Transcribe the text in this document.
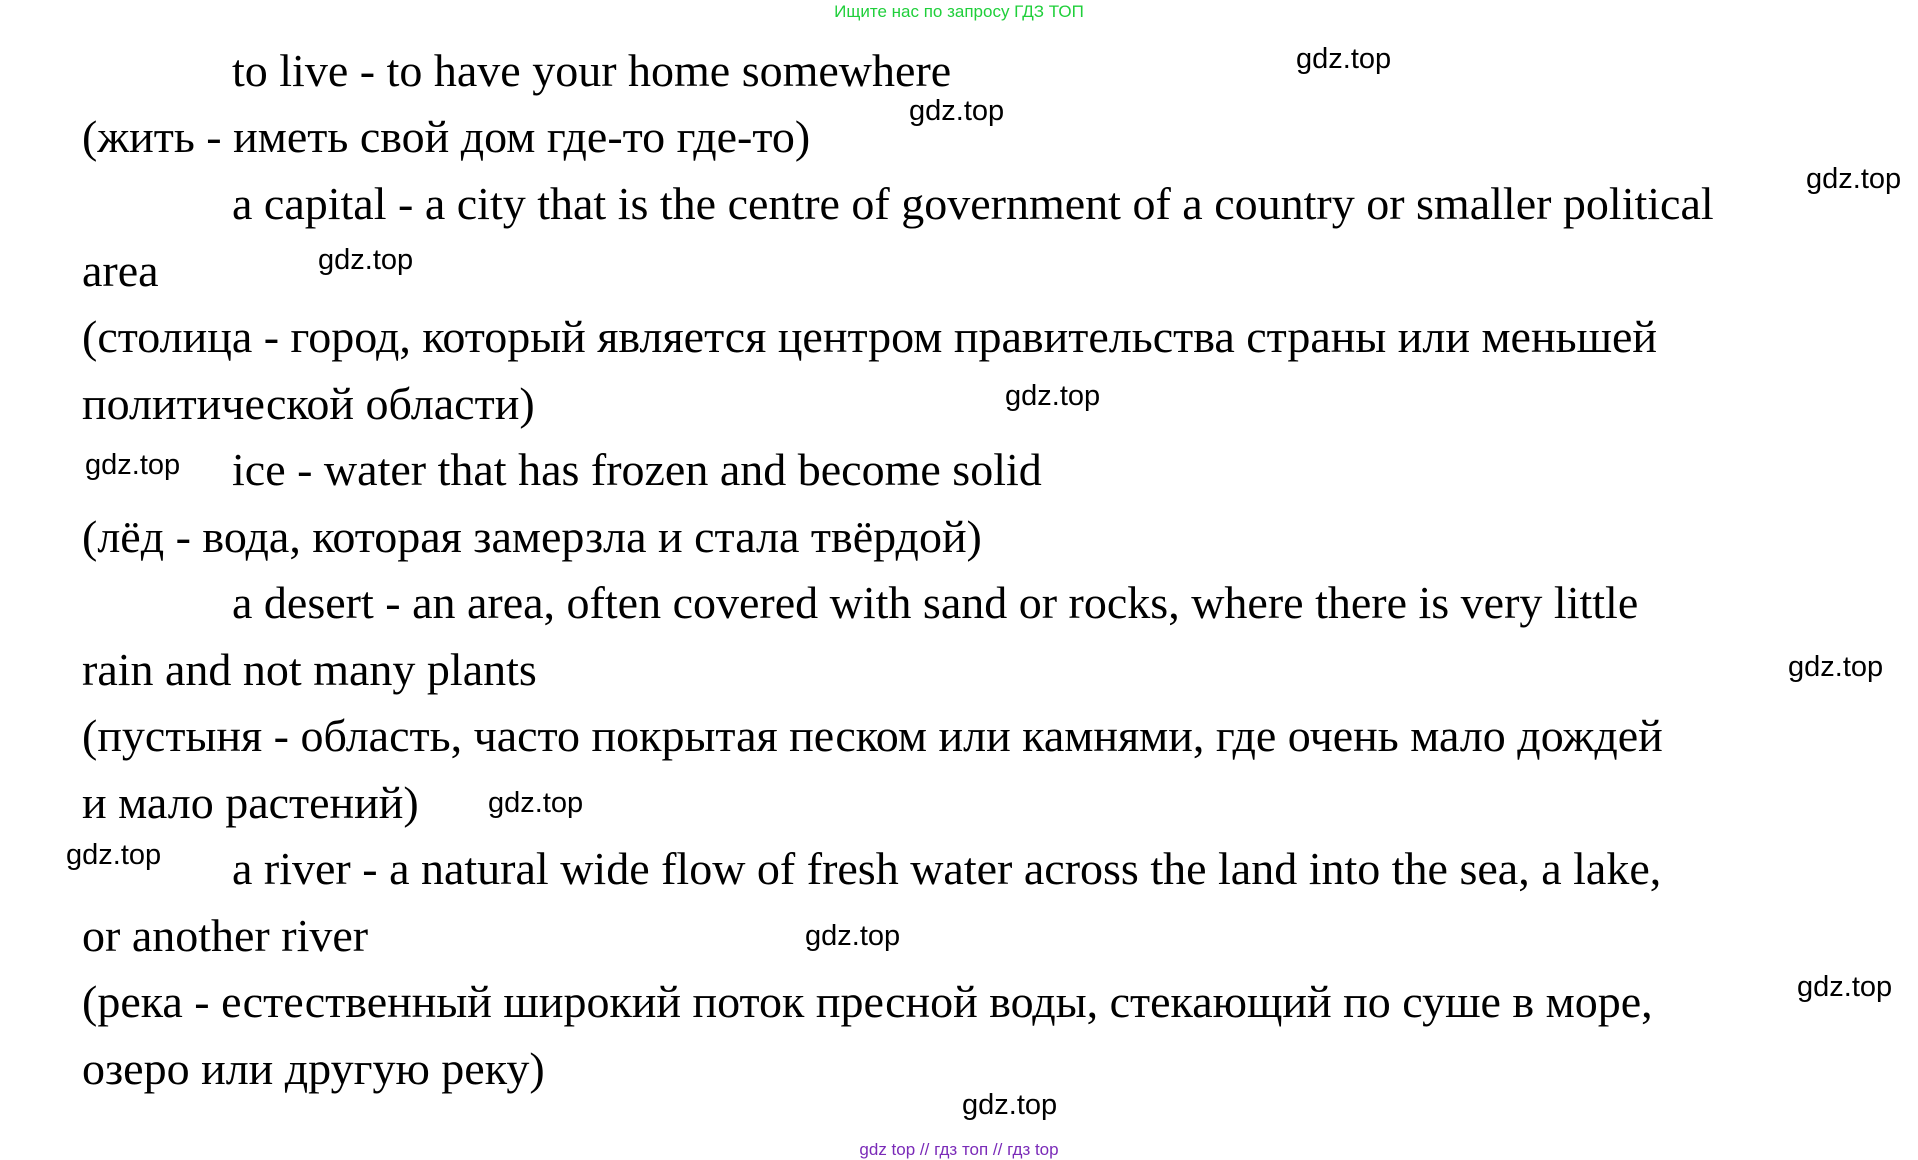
Ищите нас по запросу ГДЗ ТОП
to live - to have your home somewhere
(жить - иметь свой дом где-то где-то)
a capital - a city that is the centre of government of a country or smaller political
area
(столица - город, который является центром правительства страны или меньшей
политической области)
ice - water that has frozen and become solid
(лёд - вода, которая замерзла и стала твёрдой)
a desert - an area, often covered with sand or rocks, where there is very little
rain and not many plants
(пустыня - область, часто покрытая песком или камнями, где очень мало дождей
и мало растений)
a river - a natural wide flow of fresh water across the land into the sea, a lake,
or another river
(река - естественный широкий поток пресной воды, стекающий по суше в море,
озеро или другую реку)
gdz.top
gdz.top
gdz.top
gdz.top
gdz.top
gdz.top
gdz.top
gdz.top
gdz.top
gdz.top
gdz.top
gdz.top
gdz top // гдз топ // гдз top
